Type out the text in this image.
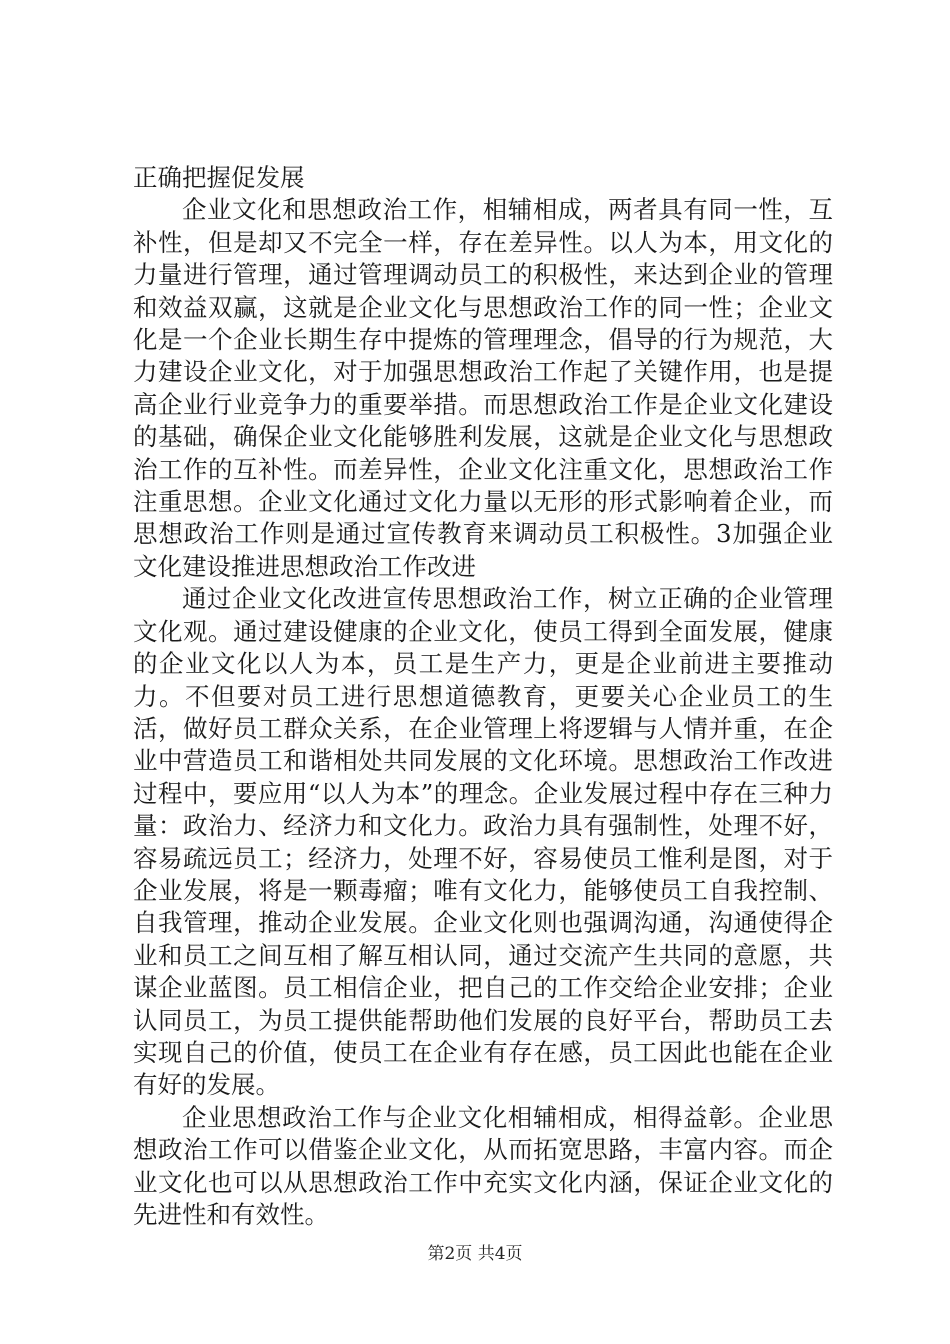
正确把握促发展

企业文化和思想政治工作，相辅相成，两者具有同一性，互补性，但是却又不完全一样，存在差异性。以人为本，用文化的力量进行管理，通过管理调动员工的积极性，来达到企业的管理和效益双赢，这就是企业文化与思想政治工作的同一性；企业文化是一个企业长期生存中提炼的管理理念，倡导的行为规范，大力建设企业文化，对于加强思想政治工作起了关键作用，也是提高企业行业竞争力的重要举措。而思想政治工作是企业文化建设的基础，确保企业文化能够胜利发展，这就是企业文化与思想政治工作的互补性。而差异性，企业文化注重文化，思想政治工作注重思想。企业文化通过文化力量以无形的形式影响着企业，而思想政治工作则是通过宣传教育来调动员工积极性。3加强企业文化建设推进思想政治工作改进

通过企业文化改进宣传思想政治工作，树立正确的企业管理文化观。通过建设健康的企业文化，使员工得到全面发展，健康的企业文化以人为本，员工是生产力，更是企业前进主要推动力。不但要对员工进行思想道德教育，更要关心企业员工的生活，做好员工群众关系，在企业管理上将逻辑与人情并重，在企业中营造员工和谐相处共同发展的文化环境。思想政治工作改进过程中，要应用“以人为本”的理念。企业发展过程中存在三种力量：政治力、经济力和文化力。政治力具有强制性，处理不好，容易疏远员工；经济力，处理不好，容易使员工惟利是图，对于企业发展，将是一颗毒瘤；唯有文化力，能够使员工自我控制、自我管理，推动企业发展。企业文化则也强调沟通，沟通使得企业和员工之间互相了解互相认同，通过交流产生共同的意愿，共谋企业蓝图。员工相信企业，把自己的工作交给企业安排；企业认同员工，为员工提供能帮助他们发展的良好平台，帮助员工去实现自己的价值，使员工在企业有存在感，员工因此也能在企业有好的发展。

企业思想政治工作与企业文化相辅相成，相得益彰。企业思想政治工作可以借鉴企业文化，从而拓宽思路，丰富内容。而企业文化也可以从思想政治工作中充实文化内涵，保证企业文化的先进性和有效性。

第2页 共4页
